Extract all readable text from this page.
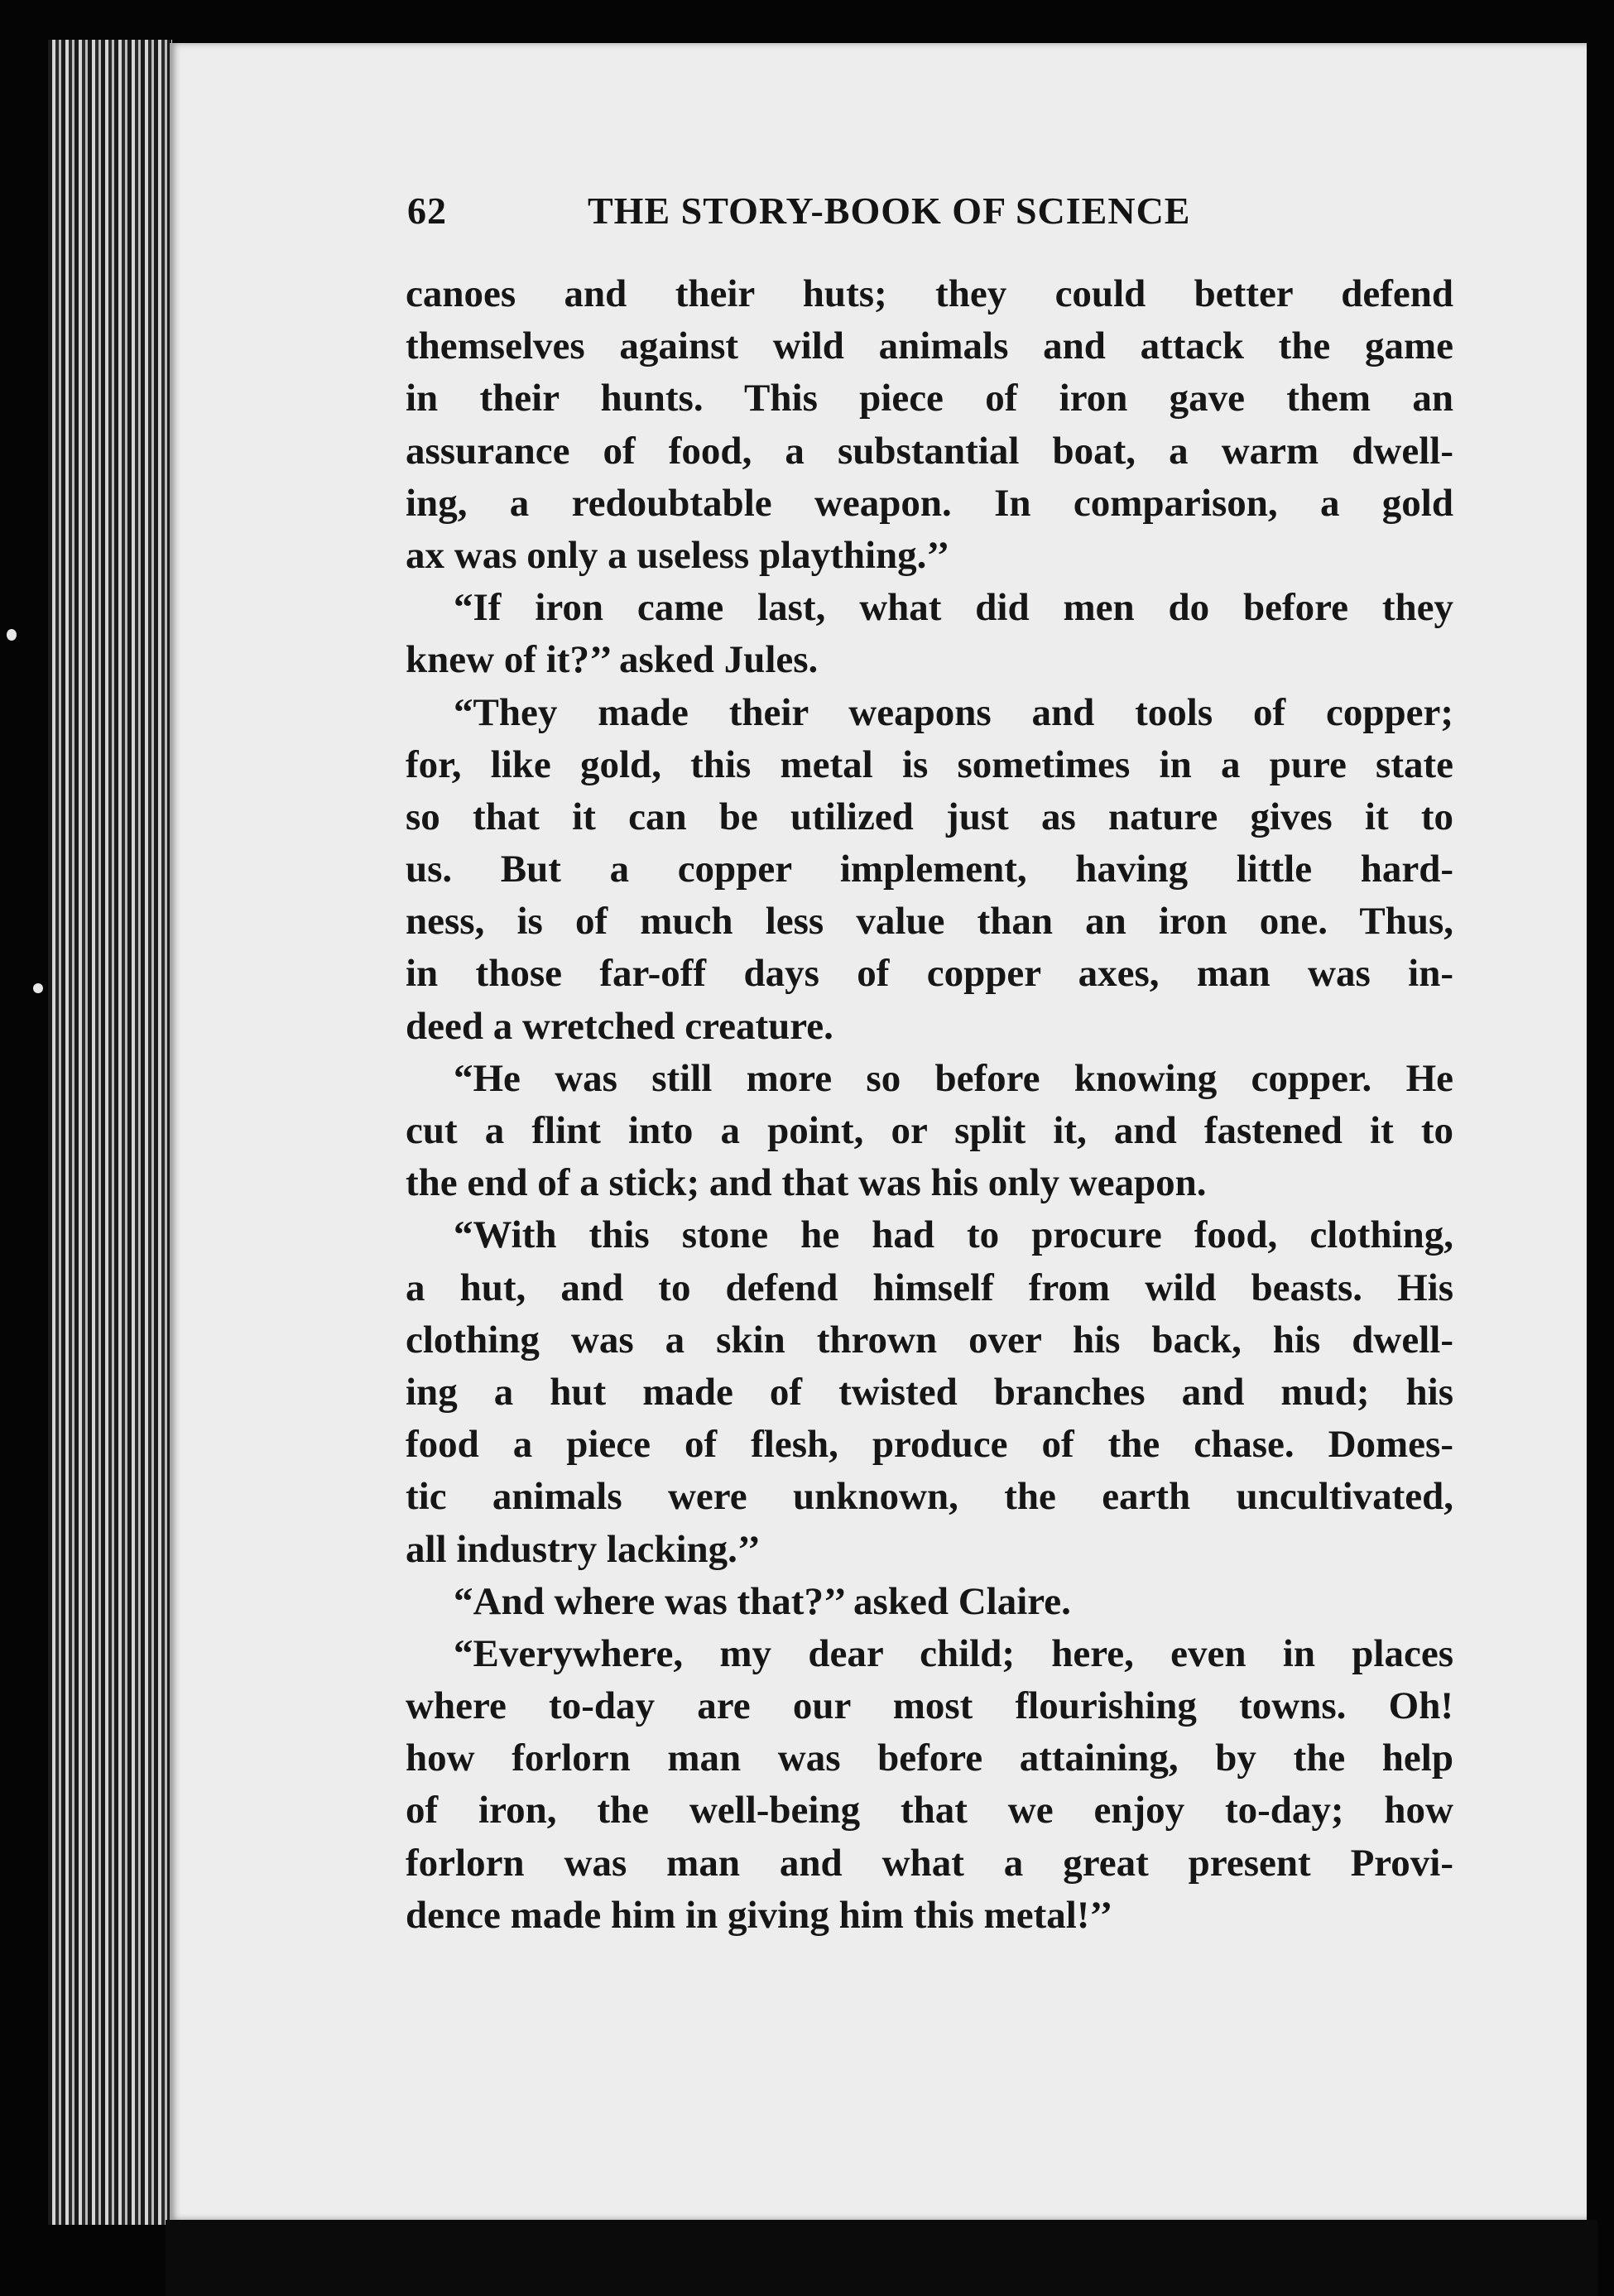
62	THE STORY-BOOK OF SCIENCE
canoes and their huts; they could better defend
themselves against wild animals and attack the game
in their hunts. This piece of iron gave them an
assurance of food, a substantial boat, a warm dwell-
ing, a redoubtable weapon. In comparison, a gold
ax was only a useless plaything.’’
“If iron came last, what did men do before they
knew of it?’’ asked Jules.
“They made their weapons and tools of copper;
for, like gold, this metal is sometimes in a pure state
so that it can be utilized just as nature gives it to
us. But a copper implement, having little hard-
ness, is of much less value than an iron one. Thus,
in those far-off days of copper axes, man was in-
deed a wretched creature.
“He was still more so before knowing copper. He
cut a flint into a point, or split it, and fastened it to
the end of a stick; and that was his only weapon.
“With this stone he had to procure food, clothing,
a hut, and to defend himself from wild beasts. His
clothing was a skin thrown over his back, his dwell-
ing a hut made of twisted branches and mud; his
food a piece of flesh, produce of the chase. Domes-
tic animals were unknown, the earth uncultivated,
all industry lacking.’’
“And where was that?’’ asked Claire.
“Everywhere, my dear child; here, even in places
where to-day are our most flourishing towns. Oh!
how forlorn man was before attaining, by the help
of iron, the well-being that we enjoy to-day; how
forlorn was man and what a great present Provi-
dence made him in giving him this metal!’’
